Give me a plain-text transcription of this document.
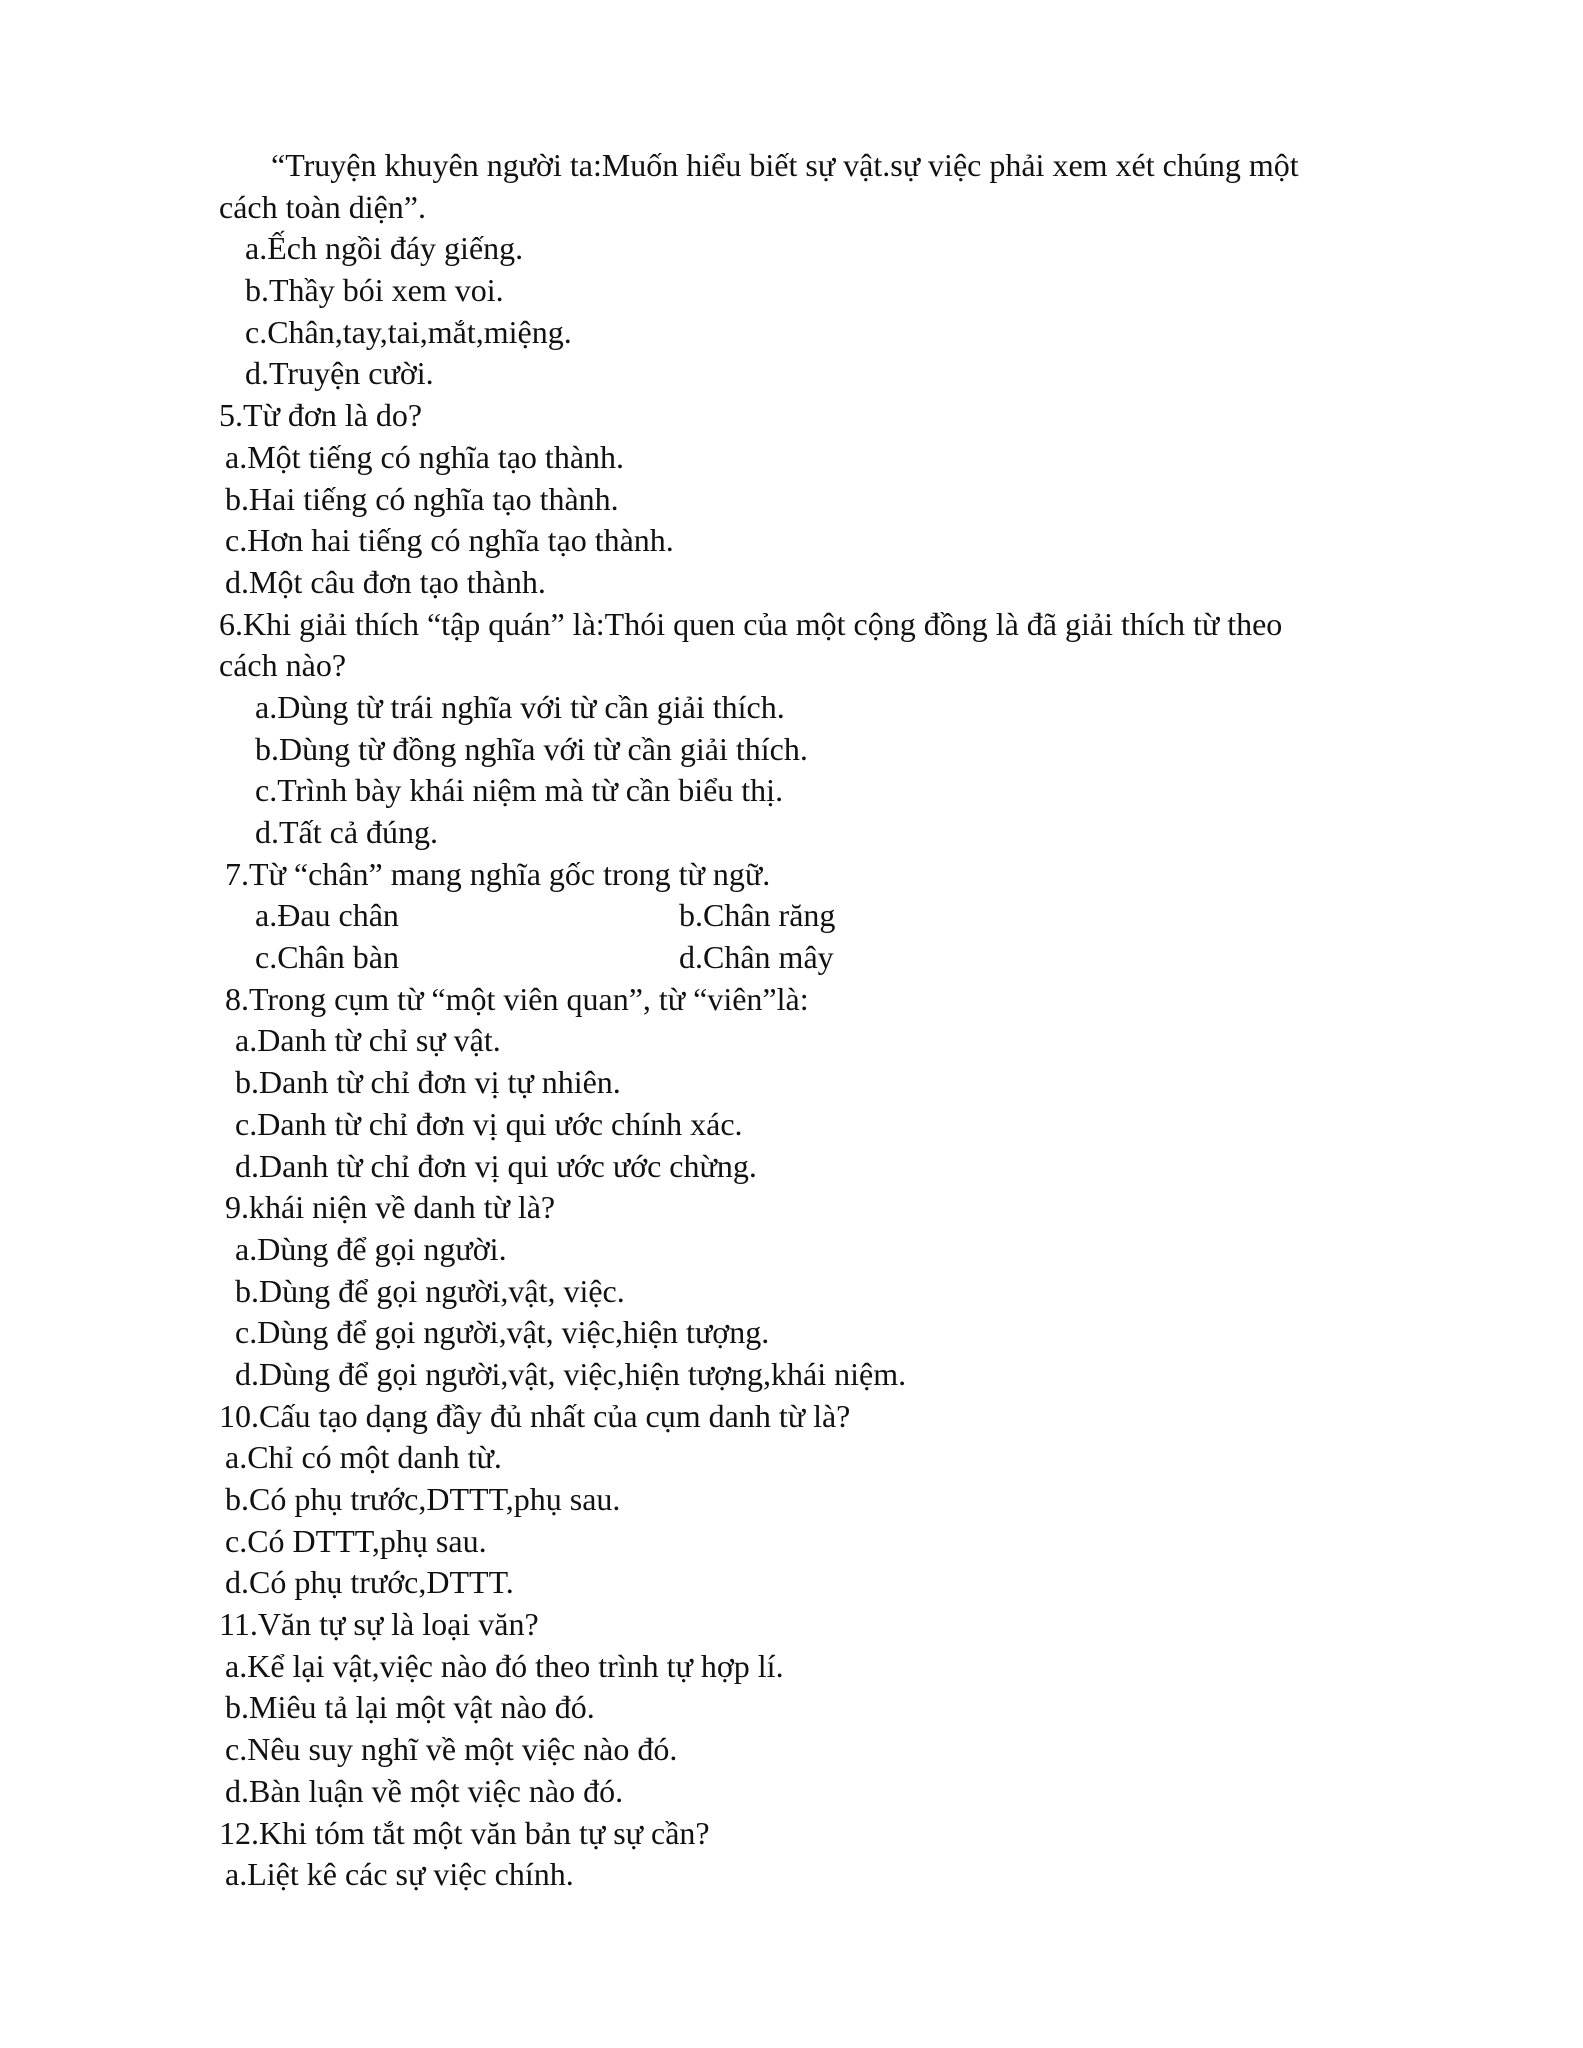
“Truyện khuyên người ta:Muốn hiểu biết sự vật.sự việc phải xem xét chúng một
cách toàn diện”.
a.Ếch ngồi đáy giếng.
b.Thầy bói xem voi.
c.Chân,tay,tai,mắt,miệng.
d.Truyện cười.
5.Từ đơn là do?
a.Một tiếng có nghĩa tạo thành.
b.Hai tiếng có nghĩa tạo thành.
c.Hơn hai tiếng có nghĩa tạo thành.
d.Một câu đơn tạo thành.
6.Khi giải thích “tập quán” là:Thói quen của một cộng đồng là đã giải thích từ theo
cách nào?
a.Dùng từ trái nghĩa với từ cần giải thích.
b.Dùng từ đồng nghĩa với từ cần giải thích.
c.Trình bày khái niệm mà từ cần biểu thị.
d.Tất cả đúng.
7.Từ “chân” mang nghĩa gốc trong từ ngữ.
a.Đau chân	b.Chân răng
c.Chân bàn	d.Chân mây
8.Trong cụm từ “một viên quan”, từ “viên”là:
a.Danh từ chỉ sự vật.
b.Danh từ chỉ đơn vị tự nhiên.
c.Danh từ chỉ đơn vị qui ước chính xác.
d.Danh từ chỉ đơn vị qui ước ước chừng.
9.khái niện về danh từ là?
a.Dùng để gọi người.
b.Dùng để gọi người,vật, việc.
c.Dùng để gọi người,vật, việc,hiện tượng.
d.Dùng để gọi người,vật, việc,hiện tượng,khái niệm.
10.Cấu tạo dạng đầy đủ nhất của cụm danh từ là?
a.Chỉ có một danh từ.
b.Có phụ trước,DTTT,phụ sau.
c.Có DTTT,phụ sau.
d.Có phụ trước,DTTT.
11.Văn tự sự là loại văn?
a.Kể lại vật,việc nào đó theo trình tự hợp lí.
b.Miêu tả lại một vật nào đó.
c.Nêu suy nghĩ về một việc nào đó.
d.Bàn luận về một việc nào đó.
12.Khi tóm tắt một văn bản tự sự cần?
a.Liệt kê các sự việc chính.
